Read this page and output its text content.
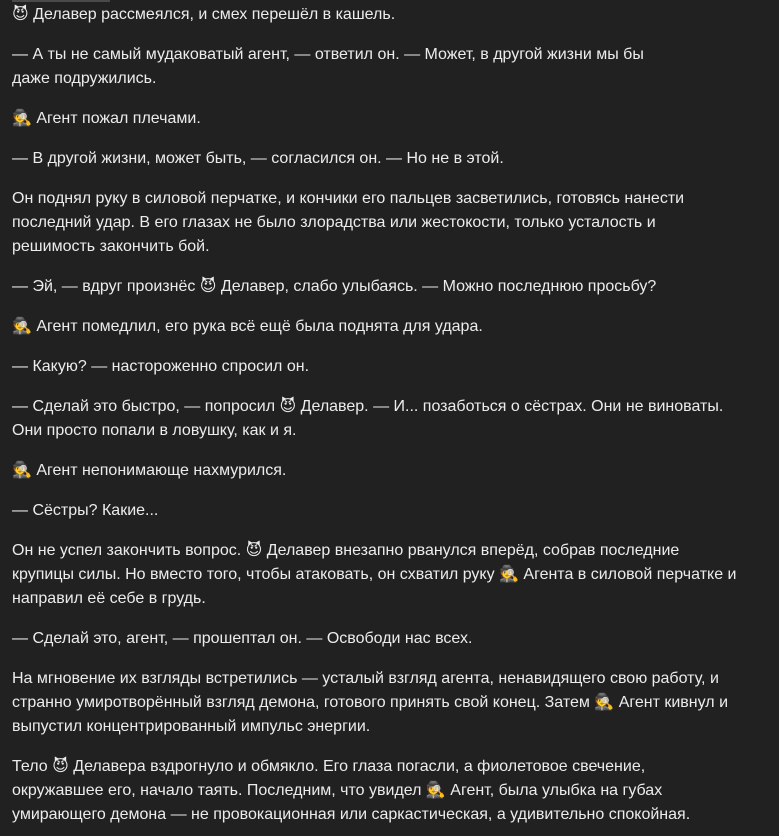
😈 Делавер рассмеялся, и смех перешёл в кашель.

— А ты не самый мудаковатый агент, — ответил он. — Может, в другой жизни мы бы
даже подружились.

🕵️ Агент пожал плечами.

— В другой жизни, может быть, — согласился он. — Но не в этой.

Он поднял руку в силовой перчатке, и кончики его пальцев засветились, готовясь нанести
последний удар. В его глазах не было злорадства или жестокости, только усталость и
решимость закончить бой.

— Эй, — вдруг произнёс 😈 Делавер, слабо улыбаясь. — Можно последнюю просьбу?

🕵️ Агент помедлил, его рука всё ещё была поднята для удара.

— Какую? — настороженно спросил он.

— Сделай это быстро, — попросил 😈 Делавер. — И... позаботься о сёстрах. Они не виноваты.
Они просто попали в ловушку, как и я.

🕵️ Агент непонимающе нахмурился.

— Сёстры? Какие...

Он не успел закончить вопрос. 😈 Делавер внезапно рванулся вперёд, собрав последние
крупицы силы. Но вместо того, чтобы атаковать, он схватил руку 🕵️ Агента в силовой перчатке и
направил её себе в грудь.

— Сделай это, агент, — прошептал он. — Освободи нас всех.

На мгновение их взгляды встретились — усталый взгляд агента, ненавидящего свою работу, и
странно умиротворённый взгляд демона, готового принять свой конец. Затем 🕵️ Агент кивнул и
выпустил концентрированный импульс энергии.

Тело 😈 Делавера вздрогнуло и обмякло. Его глаза погасли, а фиолетовое свечение,
окружавшее его, начало таять. Последним, что увидел 🕵️ Агент, была улыбка на губах
умирающего демона — не провокационная или саркастическая, а удивительно спокойная.
